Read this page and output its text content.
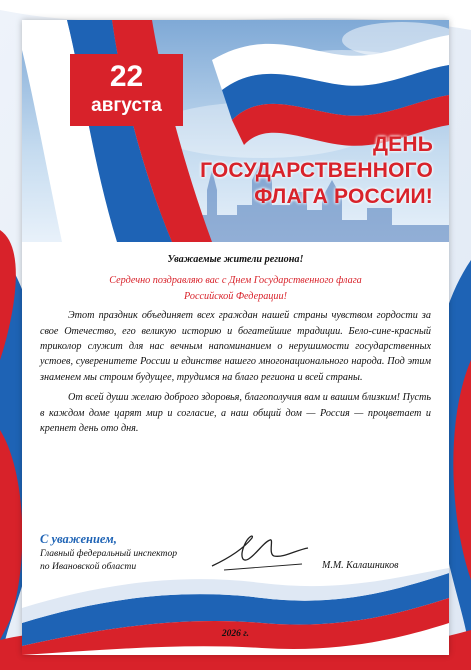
22
августа
ДЕНЬ
ГОСУДАРСТВЕННОГО
ФЛАГА РОССИИ!

Уважаемые жители региона!

Сердечно поздравляю вас с Днем Государственного флага

Российской Федерации!

Этот праздник объединяет всех граждан нашей страны чувством гордости за свое Отечество, его великую историю и богатейшие традиции. Бело-сине-красный триколор служит для нас вечным напоминанием о нерушимости государственных устоев, суверенитете России и единстве нашего многонационального народа. Под этим знаменем мы строим будущее, трудимся на благо региона и всей страны.

От всей души желаю доброго здоровья, благополучия вам и вашим близким! Пусть в каждом доме царят мир и согласие, а наш общий дом — Россия — процветает и крепнет день ото дня.

С уважением,
Главный федеральный инспектор
по Ивановской области	М.М. Калашников
2026 г.
